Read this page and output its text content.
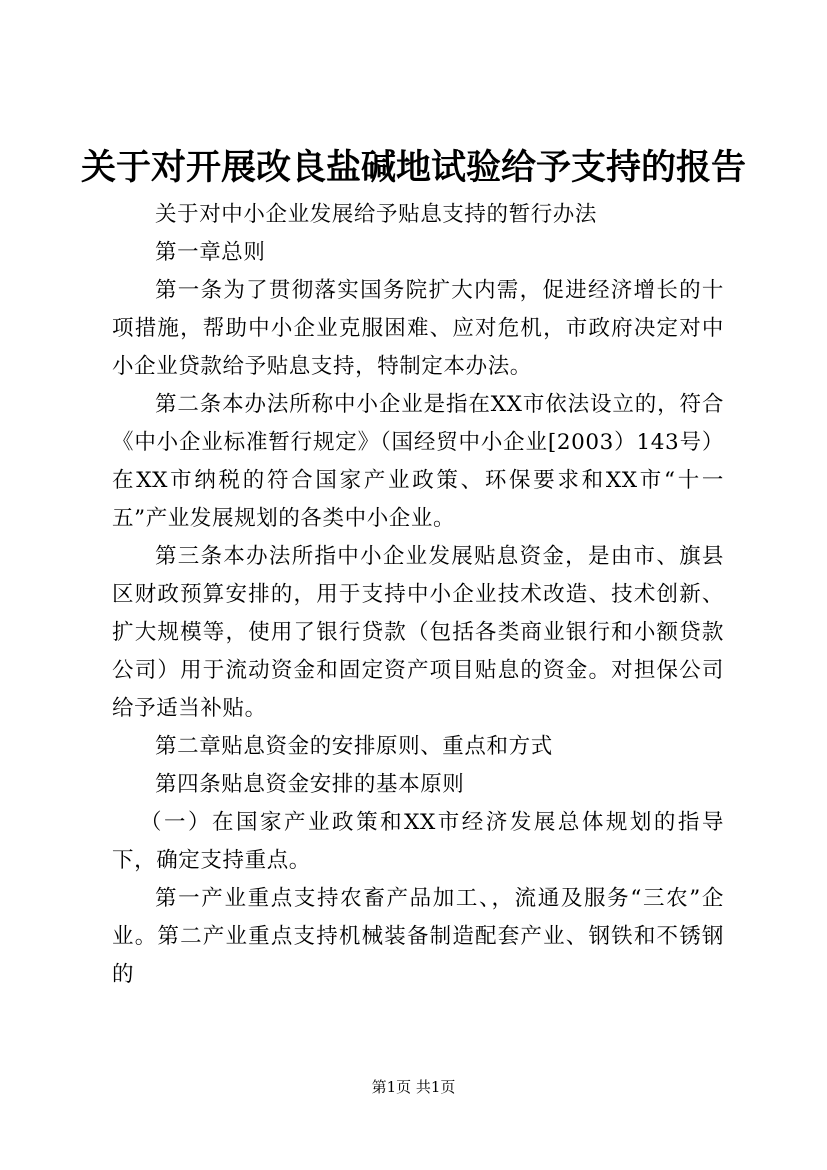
关于对开展改良盐碱地试验给予支持的报告

关于对中小企业发展给予贴息支持的暂行办法

第一章总则

第一条为了贯彻落实国务院扩大内需，促进经济增长的十项措施，帮助中小企业克服困难、应对危机，市政府决定对中小企业贷款给予贴息支持，特制定本办法。

第二条本办法所称中小企业是指在XX市依法设立的，符合《中小企业标准暂行规定》（国经贸中小企业[2003）143号）在XX市纳税的符合国家产业政策、环保要求和XX市“十一五”产业发展规划的各类中小企业。

第三条本办法所指中小企业发展贴息资金，是由市、旗县区财政预算安排的，用于支持中小企业技术改造、技术创新、扩大规模等，使用了银行贷款（包括各类商业银行和小额贷款公司）用于流动资金和固定资产项目贴息的资金。对担保公司给予适当补贴。

第二章贴息资金的安排原则、重点和方式

第四条贴息资金安排的基本原则

（一）在国家产业政策和XX市经济发展总体规划的指导下，确定支持重点。

第一产业重点支持农畜产品加工、，流通及服务“三农”企业。第二产业重点支持机械装备制造配套产业、钢铁和不锈钢的

第1页 共1页
